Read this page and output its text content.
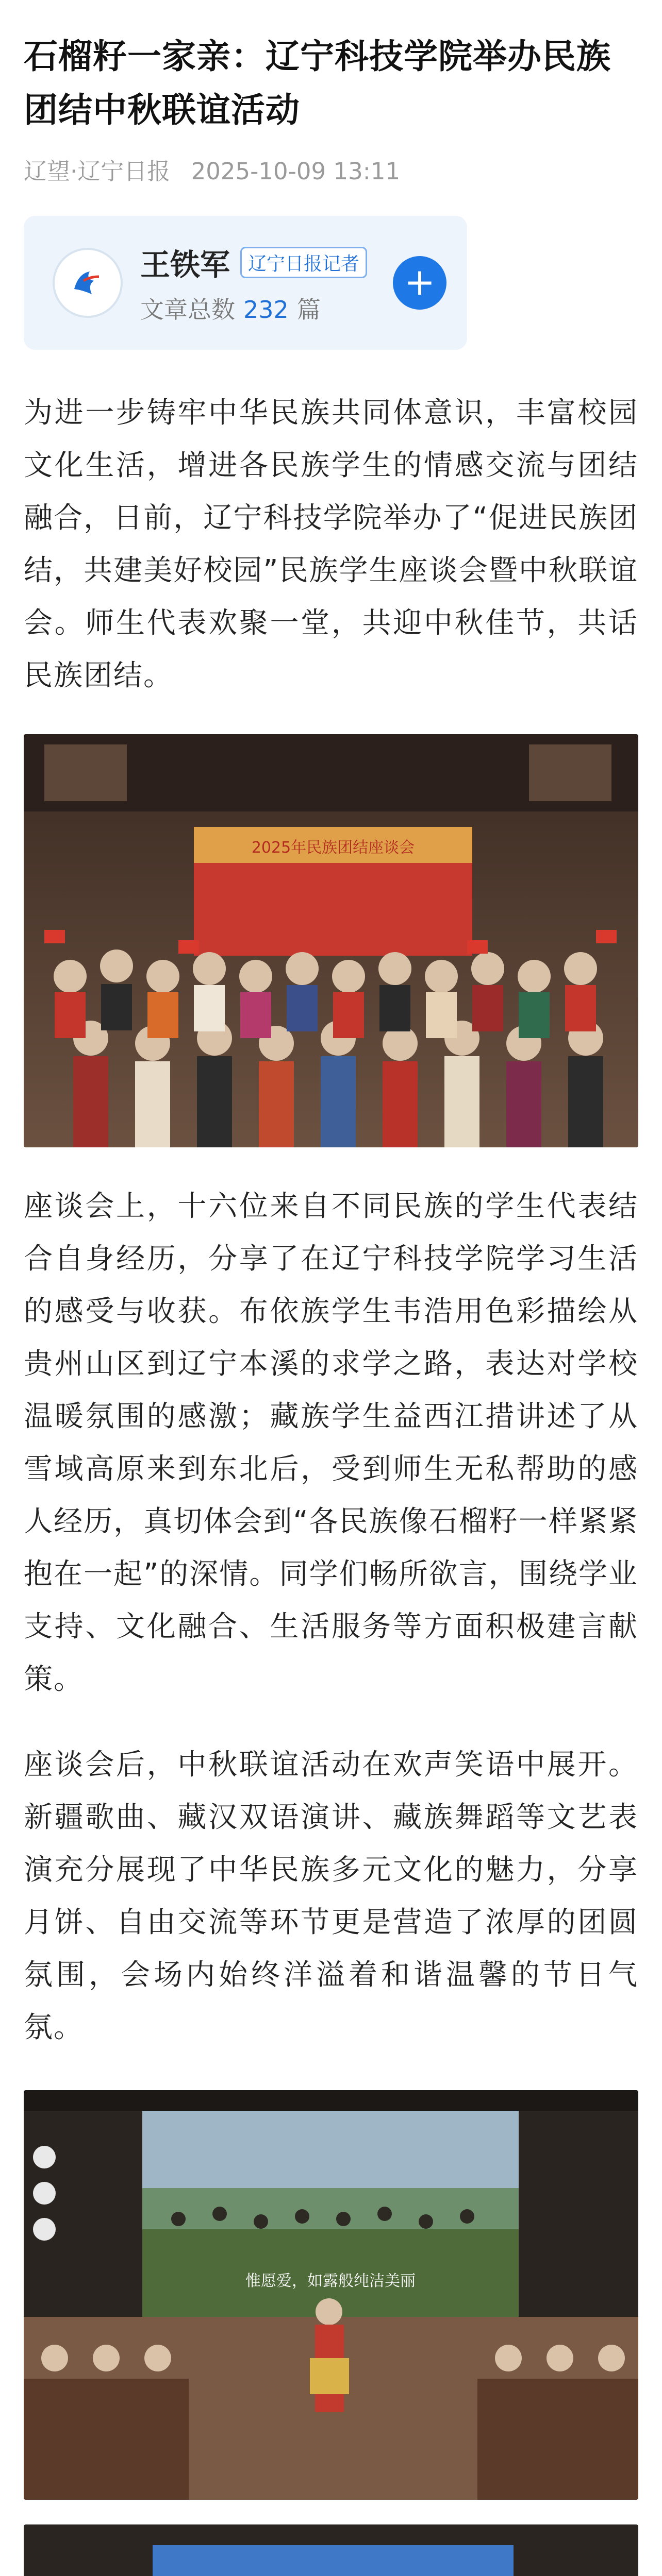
石榴籽一家亲：辽宁科技学院举办民族团结中秋联谊活动
辽望·辽宁日报 2025-10-09 13:11
王铁军 辽宁日报记者
文章总数 232 篇
+

为进一步铸牢中华民族共同体意识，丰富校园文化生活，增进各民族学生的情感交流与团结融合，日前，辽宁科技学院举办了“促进民族团结，共建美好校园”民族学生座谈会暨中秋联谊会。师生代表欢聚一堂，共迎中秋佳节，共话民族团结。

2025年民族团结座谈会

座谈会上，十六位来自不同民族的学生代表结合自身经历，分享了在辽宁科技学院学习生活的感受与收获。布依族学生韦浩用色彩描绘从贵州山区到辽宁本溪的求学之路，表达对学校温暖氛围的感激；藏族学生益西江措讲述了从雪域高原来到东北后，受到师生无私帮助的感人经历，真切体会到“各民族像石榴籽一样紧紧抱在一起”的深情。同学们畅所欲言，围绕学业支持、文化融合、生活服务等方面积极建言献策。

座谈会后，中秋联谊活动在欢声笑语中展开。新疆歌曲、藏汉双语演讲、藏族舞蹈等文艺表演充分展现了中华民族多元文化的魅力，分享月饼、自由交流等环节更是营造了浓厚的团圆氛围，会场内始终洋溢着和谐温馨的节日气氛。

惟愿爱，如露般纯洁美丽
